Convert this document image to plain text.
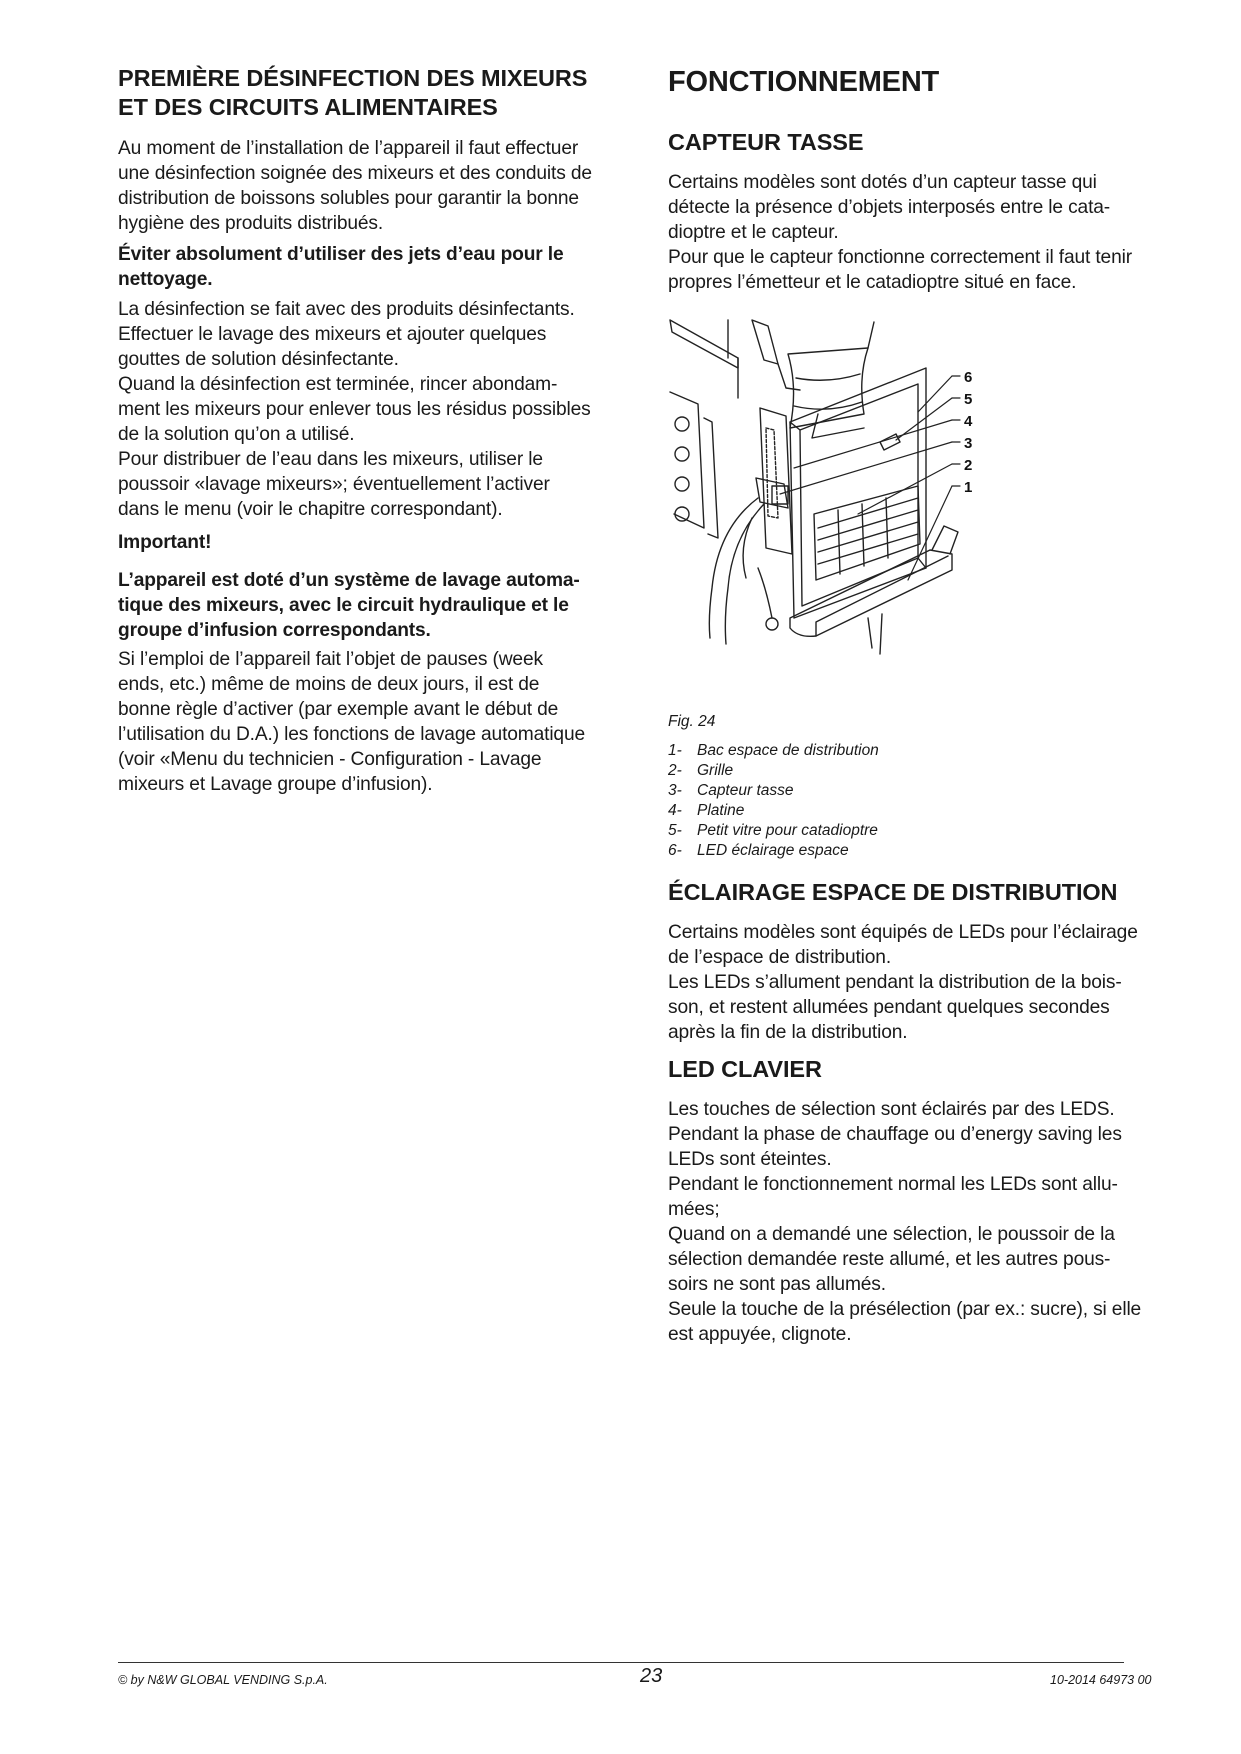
PREMIÈRE DÉSINFECTION DES MIXEURS
ET DES CIRCUITS ALIMENTAIRES

Au moment de l’installation de l’appareil il faut effectuer
une désinfection soignée des mixeurs et des conduits de
distribution de boissons solubles pour garantir la bonne
hygiène des produits distribués.

Éviter absolument d’utiliser des jets d’eau pour le
nettoyage.

La désinfection se fait avec des produits désinfectants.
Effectuer le lavage des mixeurs et ajouter quelques
gouttes de solution désinfectante.
Quand la désinfection est terminée, rincer abondam-
ment les mixeurs pour enlever tous les résidus possibles
de la solution qu’on a utilisé.
Pour distribuer de l’eau dans les mixeurs, utiliser le
poussoir «lavage mixeurs»; éventuellement l’activer
dans le menu (voir le chapitre correspondant).

Important!

L’appareil est doté d’un système de lavage automa-
tique des mixeurs, avec le circuit hydraulique et le
groupe d’infusion correspondants.

Si l’emploi de l’appareil fait l’objet de pauses (week
ends, etc.) même de moins de deux jours, il est de
bonne règle d’activer (par exemple avant le début de
l’utilisation du D.A.) les fonctions de lavage automatique
(voir «Menu du technicien - Configuration - Lavage
mixeurs et Lavage groupe d’infusion).

FONCTIONNEMENT
CAPTEUR TASSE

Certains modèles sont dotés d’un capteur tasse qui
détecte la présence d’objets interposés entre le cata-
dioptre et le capteur.
Pour que le capteur fonctionne correctement il faut tenir
propres l’émetteur et le catadioptre situé en face.

Fig. 24

1- Bac espace de distribution

2- Grille

3- Capteur tasse

4- Platine

5- Petit vitre pour catadioptre

6- LED éclairage espace

ÉCLAIRAGE ESPACE DE DISTRIBUTION

Certains modèles sont équipés de LEDs pour l’éclairage
de l’espace de distribution.
Les LEDs s’allument pendant la distribution de la bois-
son, et restent allumées pendant quelques secondes
après la fin de la distribution.

LED CLAVIER

Les touches de sélection sont éclairés par des LEDS.
Pendant la phase de chauffage ou d’energy saving les
LEDs sont éteintes.
Pendant le fonctionnement normal les LEDs sont allu-
mées;
Quand on a demandé une sélection, le poussoir de la
sélection demandée reste allumé, et les autres pous-
soirs ne sont pas allumés.
Seule la touche de la présélection (par ex.: sucre), si elle
est appuyée, clignote.

6
5
4
3
2
1
© by N&W GLOBAL VENDING S.p.A.	23	10-2014 64973 00
